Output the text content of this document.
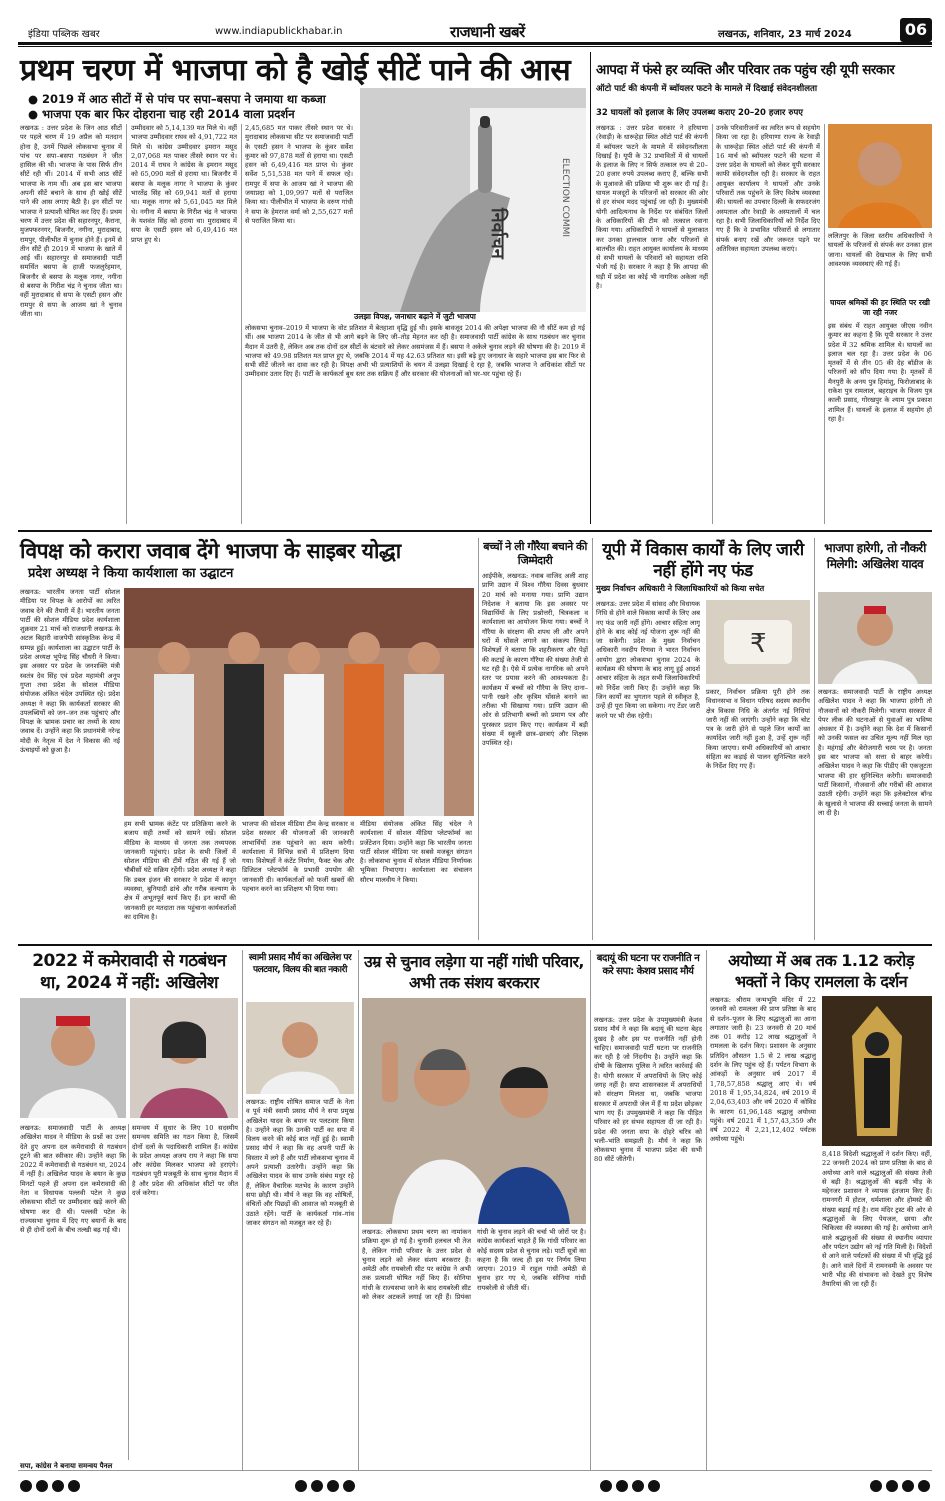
इंडिया पब्लिक खबर	www.indiapublickhabar.in	राजधानी खबरें	लखनऊ, शनिवार, 23 मार्च 2024	06
प्रथम चरण में भाजपा को है खोई सीटें पाने की आस
● 2019 में आठ सीटों में से पांच पर सपा–बसपा ने जमाया था कब्जा
● भाजपा एक बार फिर दोहराना चाह रही 2014 वाला प्रदर्शन
लखनऊ : उत्तर प्रदेश के जिन आठ सीटों पर पहले चरण में 19 अप्रैल को मतदान होना है, उनमें पिछले लोकसभा चुनाव में पांच पर सपा–बसपा गठबंधन ने जीत हासिल की थी। भाजपा के पास सिर्फ तीन सीटें रही थीं। 2014 में सभी आठ सीटें भाजपा के नाम थीं। अब इस बार भाजपा अपनी सीटें बचाने के साथ ही खोई सीटें पाने की आस लगाए बैठी है। इन सीटों पर भाजपा ने प्रत्याशी घोषित कर दिए हैं। प्रथम चरण में उत्तर प्रदेश की सहारनपुर, कैराना, मुजफ्फरनगर, बिजनौर, नगीना, मुरादाबाद, रामपुर, पीलीभीत में चुनाव होने हैं। इनमें से तीन सीटें ही 2019 में भाजपा के खाते में आई थीं। सहारनपुर से समाजवादी पार्टी समर्थित बसपा के हाजी फजलुर्रहमान, बिजनौर से बसपा के मलूक नागर, नगीना से बसपा के गिरीश चंद्र ने चुनाव जीता था। वहीं मुरादाबाद से सपा के एसटी हसन और रामपुर से सपा के आजम खां ने चुनाव जीता था।
उम्मीदवार को 5,14,139 मत मिले थे। वहीं भाजपा उम्मीदवार राघव को 4,91,722 मत मिले थे। कांग्रेस उम्मीदवार इमरान मसूद 2,07,068 मत पाकर तीसरे स्थान पर थे। 2014 में राघव ने कांग्रेस के इमरान मसूद को 65,090 मतों से हराया था। बिजनौर में बसपा के मलूक नागर ने भाजपा के कुंवर भारतेंद्र सिंह को 69,941 मतों से हराया था। मलूक नागर को 5,61,045 मत मिले थे। नगीना में बसपा के गिरीश चंद्र ने भाजपा के यशवंत सिंह को हराया था। मुरादाबाद में सपा के एसटी हसन को 6,49,416 मत प्राप्त हुए थे।
2,45,685 मत पाकर तीसरे स्थान पर थे। मुरादाबाद लोकसभा सीट पर समाजवादी पार्टी के एसटी हसन ने भाजपा के कुंवर सर्वेश कुमार को 97,878 मतों से हराया था। एसटी हसन को 6,49,416 मत प्राप्त थे। कुंवर सर्वेश 5,51,538 मत पाने में सफल रहे। रामपुर में सपा के आजम खां ने भाजपा की जयाप्रदा को 1,09,997 मतों से पराजित किया था। पीलीभीत में भाजपा के वरुण गांधी ने सपा के हेमराज वर्मा को 2,55,627 मतों से पराजित किया था।	निर्वाचन	ELECTION COMMI
उलझा विपक्ष, जनाधार बढ़ाने में जुटी भाजपा
लोकसभा चुनाव–2019 में भाजपा के वोट प्रतिशत में बेतहाशा वृद्धि हुई थी। इसके बावजूद 2014 की अपेक्षा भाजपा की नौ सीटें कम हो गई थीं। अब भाजपा 2014 के जीत से भी आगे बढ़ने के लिए जी–तोड़ मेहनत कर रही है। समाजवादी पार्टी कांग्रेस के साथ गठबंधन कर चुनाव मैदान में उतरी है, लेकिन अब तक दोनों दल सीटों के बंटवारे को लेकर असमंजस में हैं। बसपा ने अकेले चुनाव लड़ने की घोषणा की है। 2019 में भाजपा को 49.98 प्रतिशत मत प्राप्त हुए थे, जबकि 2014 में यह 42.63 प्रतिशत था। इसी बढ़े हुए जनाधार के सहारे भाजपा इस बार फिर से सभी सीटें जीतने का दावा कर रही है। विपक्ष अभी भी प्रत्याशियों के चयन में उलझा दिखाई दे रहा है, जबकि भाजपा ने अधिकांश सीटों पर उम्मीदवार उतार दिए हैं। पार्टी के कार्यकर्ता बूथ स्तर तक सक्रिय हैं और सरकार की योजनाओं को घर–घर पहुंचा रहे हैं।
आपदा में फंसे हर व्यक्ति और परिवार तक पहुंच रही यूपी सरकार
ऑटो पार्ट की कंपनी में ब्वॉयलर फटने के मामले में दिखाई संवेदनशीलता
32 घायलों को इलाज के लिए उपलब्ध कराए 20–20 हजार रुपए
लखनऊ : उत्तर प्रदेश सरकार ने हरियाणा (रेवाड़ी) के धारूहेड़ा स्थित ऑटो पार्ट की कंपनी में ब्वॉयलर फटने के मामले में संवेदनशीलता दिखाई है। यूपी के 32 प्रभावितों में से घायलों के इलाज के लिए न सिर्फ तत्काल रुप से 20–20 हजार रुपये उपलब्ध कराए हैं, बल्कि सभी के मुआवजे की प्रक्रिया भी शुरू कर दी गई है। घायल मजदूरों के परिजनों को सरकार की ओर से हर संभव मदद पहुंचाई जा रही है। मुख्यमंत्री योगी आदित्यनाथ के निर्देश पर संबंधित जिलों के अधिकारियों की टीम को तत्काल रवाना किया गया। अधिकारियों ने घायलों से मुलाकात कर उनका हालचाल जाना और परिजनों से बातचीत की। राहत आयुक्त कार्यालय के माध्यम से सभी घायलों के परिवारों को सहायता राशि भेजी गई है। सरकार ने कहा है कि आपदा की घड़ी में प्रदेश का कोई भी नागरिक अकेला नहीं है।
उनके परिवारीजनों का त्वरित रूप से सहयोग किया जा रहा है। हरियाणा राज्य के रेवाड़ी के धारूहेड़ा स्थित ऑटो पार्ट की कंपनी में 16 मार्च को ब्वॉयलर फटने की घटना में उत्तर प्रदेश के घायलों को लेकर यूपी सरकार काफी संवेदनशील रही है। सरकार के राहत आयुक्त कार्यालय ने घायलों और उनके परिवारों तक पहुंचने के लिए विशेष व्यवस्था की। घायलों का उपचार दिल्ली के सफदरजंग अस्पताल और रेवाड़ी के अस्पतालों में चल रहा है। सभी जिलाधिकारियों को निर्देश दिए गए हैं कि वे प्रभावित परिवारों से लगातार संपर्क बनाए रखें और जरूरत पड़ने पर अतिरिक्त सहायता उपलब्ध कराएं।
ललितपुर के जिला स्तरीय अधिकारियों ने घायलों के परिजनों से संपर्क कर उनका हाल जाना। घायलों की देखभाल के लिए सभी आवश्यक व्यवस्थाएं की गई हैं।
घायल श्रमिकों की हर स्थिति पर रखी जा रही नजर
इस संबंध में राहत आयुक्त जीएस नवीन कुमार का कहना है कि यूपी सरकार ने उत्तर प्रदेश में 32 श्रमिक शामिल थे। घायलों का इलाज चल रहा है। उत्तर प्रदेश के 06 मृतकों में से तीन 05 की देह बॉडीज के परिजनों को सौंप दिया गया है। मृतकों में मैनपुरी के अनय पुत्र हिमांशु, फिरोजाबाद के राकेश पुत्र रामलाल, बहराइच के विजय पुत्र काली प्रसाद, गोरखपुर के श्याम पुत्र प्रकाश शामिल हैं। घायलों के इलाज में सहयोग हो रहा है।
विपक्ष को करारा जवाब देंगे भाजपा के साइबर योद्धा
प्रदेश अध्यक्ष ने किया कार्यशाला का उद्घाटन
लखनऊ: भारतीय जनता पार्टी सोशल मीडिया पर विपक्ष के आरोपों का त्वरित जवाब देने की तैयारी में है। भारतीय जनता पार्टी की सोशल मीडिया प्रदेश कार्यशाला शुक्रवार 21 मार्च को राजधानी लखनऊ के अटल बिहारी वाजपेयी सांस्कृतिक केन्द्र में सम्पन्न हुई। कार्यशाला का उद्घाटन पार्टी के प्रदेश अध्यक्ष भूपेन्द्र सिंह चौधरी ने किया। इस अवसर पर प्रदेश के जनशक्ति मंत्री स्वतंत्र देव सिंह एवं प्रदेश महामंत्री अनूप गुप्ता तथा प्रदेश के सोशल मीडिया संयोजक अंकित चंदेल उपस्थित रहे। प्रदेश अध्यक्ष ने कहा कि कार्यकर्ता सरकार की उपलब्धियों को जन–जन तक पहुंचाएं और विपक्ष के भ्रामक प्रचार का तथ्यों के साथ जवाब दें। उन्होंने कहा कि प्रधानमंत्री नरेन्द्र मोदी के नेतृत्व में देश ने विकास की नई ऊंचाइयों को छुआ है।
हम सभी भ्रामक कंटेंट पर प्रतिक्रिया करने के बजाय सही तथ्यों को सामने रखें। सोशल मीडिया के माध्यम से जनता तक तथ्यपरक जानकारी पहुंचाएं। प्रदेश के सभी जिलों में सोशल मीडिया की टीमें गठित की गई हैं जो चौबीसों घंटे सक्रिय रहेंगी। प्रदेश अध्यक्ष ने कहा कि डबल इंजन की सरकार ने प्रदेश में कानून व्यवस्था, बुनियादी ढांचे और गरीब कल्याण के क्षेत्र में अभूतपूर्व कार्य किए हैं। इन कार्यों की जानकारी हर मतदाता तक पहुंचाना कार्यकर्ताओं का दायित्व है।
भाजपा की सोशल मीडिया टीम केन्द्र सरकार व प्रदेश सरकार की योजनाओं की जानकारी लाभार्थियों तक पहुंचाने का काम करेगी। कार्यशाला में विभिन्न सत्रों में प्रशिक्षण दिया गया। विशेषज्ञों ने कंटेंट निर्माण, फैक्ट चेक और डिजिटल प्लेटफॉर्म के प्रभावी उपयोग की जानकारी दी। कार्यकर्ताओं को फर्जी खबरों की पहचान करने का प्रशिक्षण भी दिया गया।
मीडिया संयोजक अंकित सिंह चंदेल ने कार्यशाला में सोशल मीडिया प्लेटफॉर्म्स का प्रजेंटेशन दिया। उन्होंने कहा कि भारतीय जनता पार्टी सोशल मीडिया पर सबसे मजबूत संगठन है। लोकसभा चुनाव में सोशल मीडिया निर्णायक भूमिका निभाएगा। कार्यशाला का संचालन सौरभ मालवीय ने किया।
बच्चों ने ली गौरैया बचाने की जिम्मेदारी
आईपीके, लखनऊ: नवाब वाजिद अली शाह प्राणि उद्यान में विश्व गौरैया दिवस बुधवार 20 मार्च को मनाया गया। प्राणि उद्यान निदेशक ने बताया कि इस अवसर पर विद्यार्थियों के लिए प्रश्नोत्तरी, चित्रकला व कार्यशाला का आयोजन किया गया। बच्चों ने गौरैया के संरक्षण की शपथ ली और अपने घरों में घोंसले लगाने का संकल्प लिया। विशेषज्ञों ने बताया कि शहरीकरण और पेड़ों की कटाई के कारण गौरैया की संख्या तेजी से घट रही है। ऐसे में प्रत्येक नागरिक को अपने स्तर पर प्रयास करने की आवश्यकता है। कार्यक्रम में बच्चों को गौरैया के लिए दाना–पानी रखने और कृत्रिम घोंसले बनाने का तरीका भी सिखाया गया। प्राणि उद्यान की ओर से प्रतिभागी बच्चों को प्रमाण पत्र और पुरस्कार प्रदान किए गए। कार्यक्रम में बड़ी संख्या में स्कूली छात्र–छात्राएं और शिक्षक उपस्थित रहे।
यूपी में विकास कार्यों के लिए जारी नहीं होंगे नए फंड
मुख्य निर्वाचन अधिकारी ने जिलाधिकारियों को किया सचेत
लखनऊ: उत्तर प्रदेश में सांसद और विधायक निधि से होने वाले विकास कार्यों के लिए अब नए फंड जारी नहीं होंगे। आचार संहिता लागू होने के बाद कोई नई योजना शुरू नहीं की जा सकेगी। प्रदेश के मुख्य निर्वाचन अधिकारी नवदीप रिणवा ने भारत निर्वाचन आयोग द्वारा लोकसभा चुनाव 2024 के कार्यक्रम की घोषणा के बाद लागू हुई आदर्श आचार संहिता के तहत सभी जिलाधिकारियों को निर्देश जारी किए हैं। उन्होंने कहा कि जिन कार्यों का भुगतान पहले से स्वीकृत है, उन्हें ही पूरा किया जा सकेगा। नए टेंडर जारी करने पर भी रोक रहेगी।
₹
प्रकार, निर्वाचन प्रक्रिया पूरी होने तक विधानसभा व विधान परिषद सदस्य स्थानीय क्षेत्र विकास निधि के अंतर्गत नई निधियां जारी नहीं की जाएंगी। उन्होंने कहा कि चोट पत्र के जारी होने से पहले जिन कार्यों का कार्यादेश जारी नहीं हुआ है, उन्हें शुरू नहीं किया जाएगा। सभी अधिकारियों को आचार संहिता का कड़ाई से पालन सुनिश्चित करने के निर्देश दिए गए हैं।
भाजपा हारेगी, तो नौकरी मिलेगी: अखिलेश यादव
लखनऊ: समाजवादी पार्टी के राष्ट्रीय अध्यक्ष अखिलेश यादव ने कहा कि भाजपा हारेगी तो नौजवानों को नौकरी मिलेगी। भाजपा सरकार में पेपर लीक की घटनाओं से युवाओं का भविष्य अंधकार में है। उन्होंने कहा कि देश में किसानों को उनकी फसल का उचित मूल्य नहीं मिल रहा है। महंगाई और बेरोजगारी चरम पर है। जनता इस बार भाजपा को सत्ता से बाहर करेगी। अखिलेश यादव ने कहा कि पीडीए की एकजुटता भाजपा की हार सुनिश्चित करेगी। समाजवादी पार्टी किसानों, नौजवानों और गरीबों की आवाज उठाती रहेगी। उन्होंने कहा कि इलेक्टोरल बॉन्ड के खुलासे ने भाजपा की सच्चाई जनता के सामने ला दी है।
2022 में कमेरावादी से गठबंधन था, 2024 में नहीं: अखिलेश
लखनऊ: समाजवादी पार्टी के अध्यक्ष अखिलेश यादव ने मीडिया के प्रश्नों का उत्तर देते हुए अपना दल कमेरावादी से गठबंधन टूटने की बात स्वीकार की। उन्होंने कहा कि 2022 में कमेरावादी से गठबंधन था, 2024 में नहीं है। अखिलेश यादव के बयान के कुछ मिनटों पहले ही अपना दल कमेरावादी की नेता व विधायक पल्लवी पटेल ने कुछ लोकसभा सीटों पर उम्मीदवार खड़े करने की घोषणा कर दी थी। पल्लवी पटेल के राज्यसभा चुनाव में दिए गए बयानों के बाद से ही दोनों दलों के बीच तल्खी बढ़ गई थी।
समन्वय में सुधार के लिए 10 सदस्यीय समन्वय समिति का गठन किया है, जिसमें दोनों दलों के पदाधिकारी शामिल हैं। कांग्रेस के प्रदेश अध्यक्ष अजय राय ने कहा कि सपा और कांग्रेस मिलकर भाजपा को हराएंगे। गठबंधन पूरी मजबूती के साथ चुनाव मैदान में है और प्रदेश की अधिकांश सीटों पर जीत दर्ज करेगा।
सपा, कांग्रेस ने बनाया समन्वय पैनल
स्वामी प्रसाद मौर्य का अखिलेश पर पलटवार, विलय की बात नकारी
लखनऊ: राष्ट्रीय शोषित समाज पार्टी के नेता व पूर्व मंत्री स्वामी प्रसाद मौर्य ने सपा प्रमुख अखिलेश यादव के बयान पर पलटवार किया है। उन्होंने कहा कि उनकी पार्टी का सपा में विलय करने की कोई बात नहीं हुई है। स्वामी प्रसाद मौर्य ने कहा कि वह अपनी पार्टी के विस्तार में लगे हैं और पार्टी लोकसभा चुनाव में अपने प्रत्याशी उतारेगी। उन्होंने कहा कि अखिलेश यादव के साथ उनके संबंध मधुर रहे हैं, लेकिन वैचारिक मतभेद के कारण उन्होंने सपा छोड़ी थी। मौर्य ने कहा कि वह शोषितों, वंचितों और पिछड़ों की आवाज को मजबूती से उठाते रहेंगे। पार्टी के कार्यकर्ता गांव–गांव जाकर संगठन को मजबूत कर रहे हैं।
उम्र से चुनाव लड़ेगा या नहीं गांधी परिवार, अभी तक संशय बरकरार
लखनऊ: लोकसभा प्रथम चरण का नामांकन प्रक्रिया शुरू हो गई है। चुनावी हलचल भी तेज है, लेकिन गांधी परिवार के उत्तर प्रदेश से चुनाव लड़ने को लेकर संशय बरकरार है। अमेठी और रायबरेली सीट पर कांग्रेस ने अभी तक प्रत्याशी घोषित नहीं किए हैं। सोनिया गांधी के राज्यसभा जाने के बाद रायबरेली सीट को लेकर अटकलें लगाई जा रही हैं। प्रियंका गांधी के चुनाव लड़ने की चर्चा भी जोरों पर है। कांग्रेस कार्यकर्ता चाहते हैं कि गांधी परिवार का कोई सदस्य प्रदेश से चुनाव लड़े। पार्टी सूत्रों का कहना है कि जल्द ही इस पर निर्णय लिया जाएगा। 2019 में राहुल गांधी अमेठी से चुनाव हार गए थे, जबकि सोनिया गांधी रायबरेली से जीती थीं।
बदायूं की घटना पर राजनीति न करे सपा: केशव प्रसाद मौर्य
लखनऊ: उत्तर प्रदेश के उपमुख्यमंत्री केशव प्रसाद मौर्य ने कहा कि बदायूं की घटना बेहद दुखद है और इस पर राजनीति नहीं होनी चाहिए। समाजवादी पार्टी घटना पर राजनीति कर रही है जो निंदनीय है। उन्होंने कहा कि दोषी के खिलाफ पुलिस ने त्वरित कार्रवाई की है। योगी सरकार में अपराधियों के लिए कोई जगह नहीं है। सपा शासनकाल में अपराधियों को संरक्षण मिलता था, जबकि भाजपा सरकार में अपराधी जेल में हैं या प्रदेश छोड़कर भाग गए हैं। उपमुख्यमंत्री ने कहा कि पीड़ित परिवार को हर संभव सहायता दी जा रही है। प्रदेश की जनता सपा के दोहरे चरित्र को भली–भांति समझती है। मौर्य ने कहा कि लोकसभा चुनाव में भाजपा प्रदेश की सभी 80 सीटें जीतेगी।
अयोध्या में अब तक 1.12 करोड़ भक्तों ने किए रामलला के दर्शन
लखनऊ: श्रीराम जन्मभूमि मंदिर में 22 जनवरी को रामलला की प्राण प्रतिष्ठा के बाद से दर्शन–पूजन के लिए श्रद्धालुओं का आना लगातार जारी है। 23 जनवरी से 20 मार्च तक 01 करोड़ 12 लाख श्रद्धालुओं ने रामलला के दर्शन किए। प्रशासन के अनुसार प्रतिदिन औसतन 1.5 से 2 लाख श्रद्धालु दर्शन के लिए पहुंच रहे हैं। पर्यटन विभाग के आंकड़ों के अनुसार वर्ष 2017 में 1,78,57,858 श्रद्धालु आए थे। वर्ष 2018 में 1,95,34,824, वर्ष 2019 में 2,04,63,403 और वर्ष 2020 में कोविड के कारण 61,96,148 श्रद्धालु अयोध्या पहुंचे। वर्ष 2021 में 1,57,43,359 और वर्ष 2022 में 2,21,12,402 पर्यटक अयोध्या पहुंचे।
8,418 विदेशी श्रद्धालुओं ने दर्शन किए। वहीं, 22 जनवरी 2024 को प्राण प्रतिष्ठा के बाद से अयोध्या आने वाले श्रद्धालुओं की संख्या तेजी से बढ़ी है। श्रद्धालुओं की बढ़ती भीड़ के मद्देनजर प्रशासन ने व्यापक इंतजाम किए हैं। रामनगरी में होटल, धर्मशाला और होमस्टे की संख्या बढ़ाई गई है। राम मंदिर ट्रस्ट की ओर से श्रद्धालुओं के लिए पेयजल, छाया और चिकित्सा की व्यवस्था की गई है। अयोध्या आने वाले श्रद्धालुओं की संख्या से स्थानीय व्यापार और पर्यटन उद्योग को नई गति मिली है। विदेशों से आने वाले पर्यटकों की संख्या में भी वृद्धि हुई है। आने वाले दिनों में रामनवमी के अवसर पर भारी भीड़ की संभावना को देखते हुए विशेष तैयारियां की जा रही हैं।
